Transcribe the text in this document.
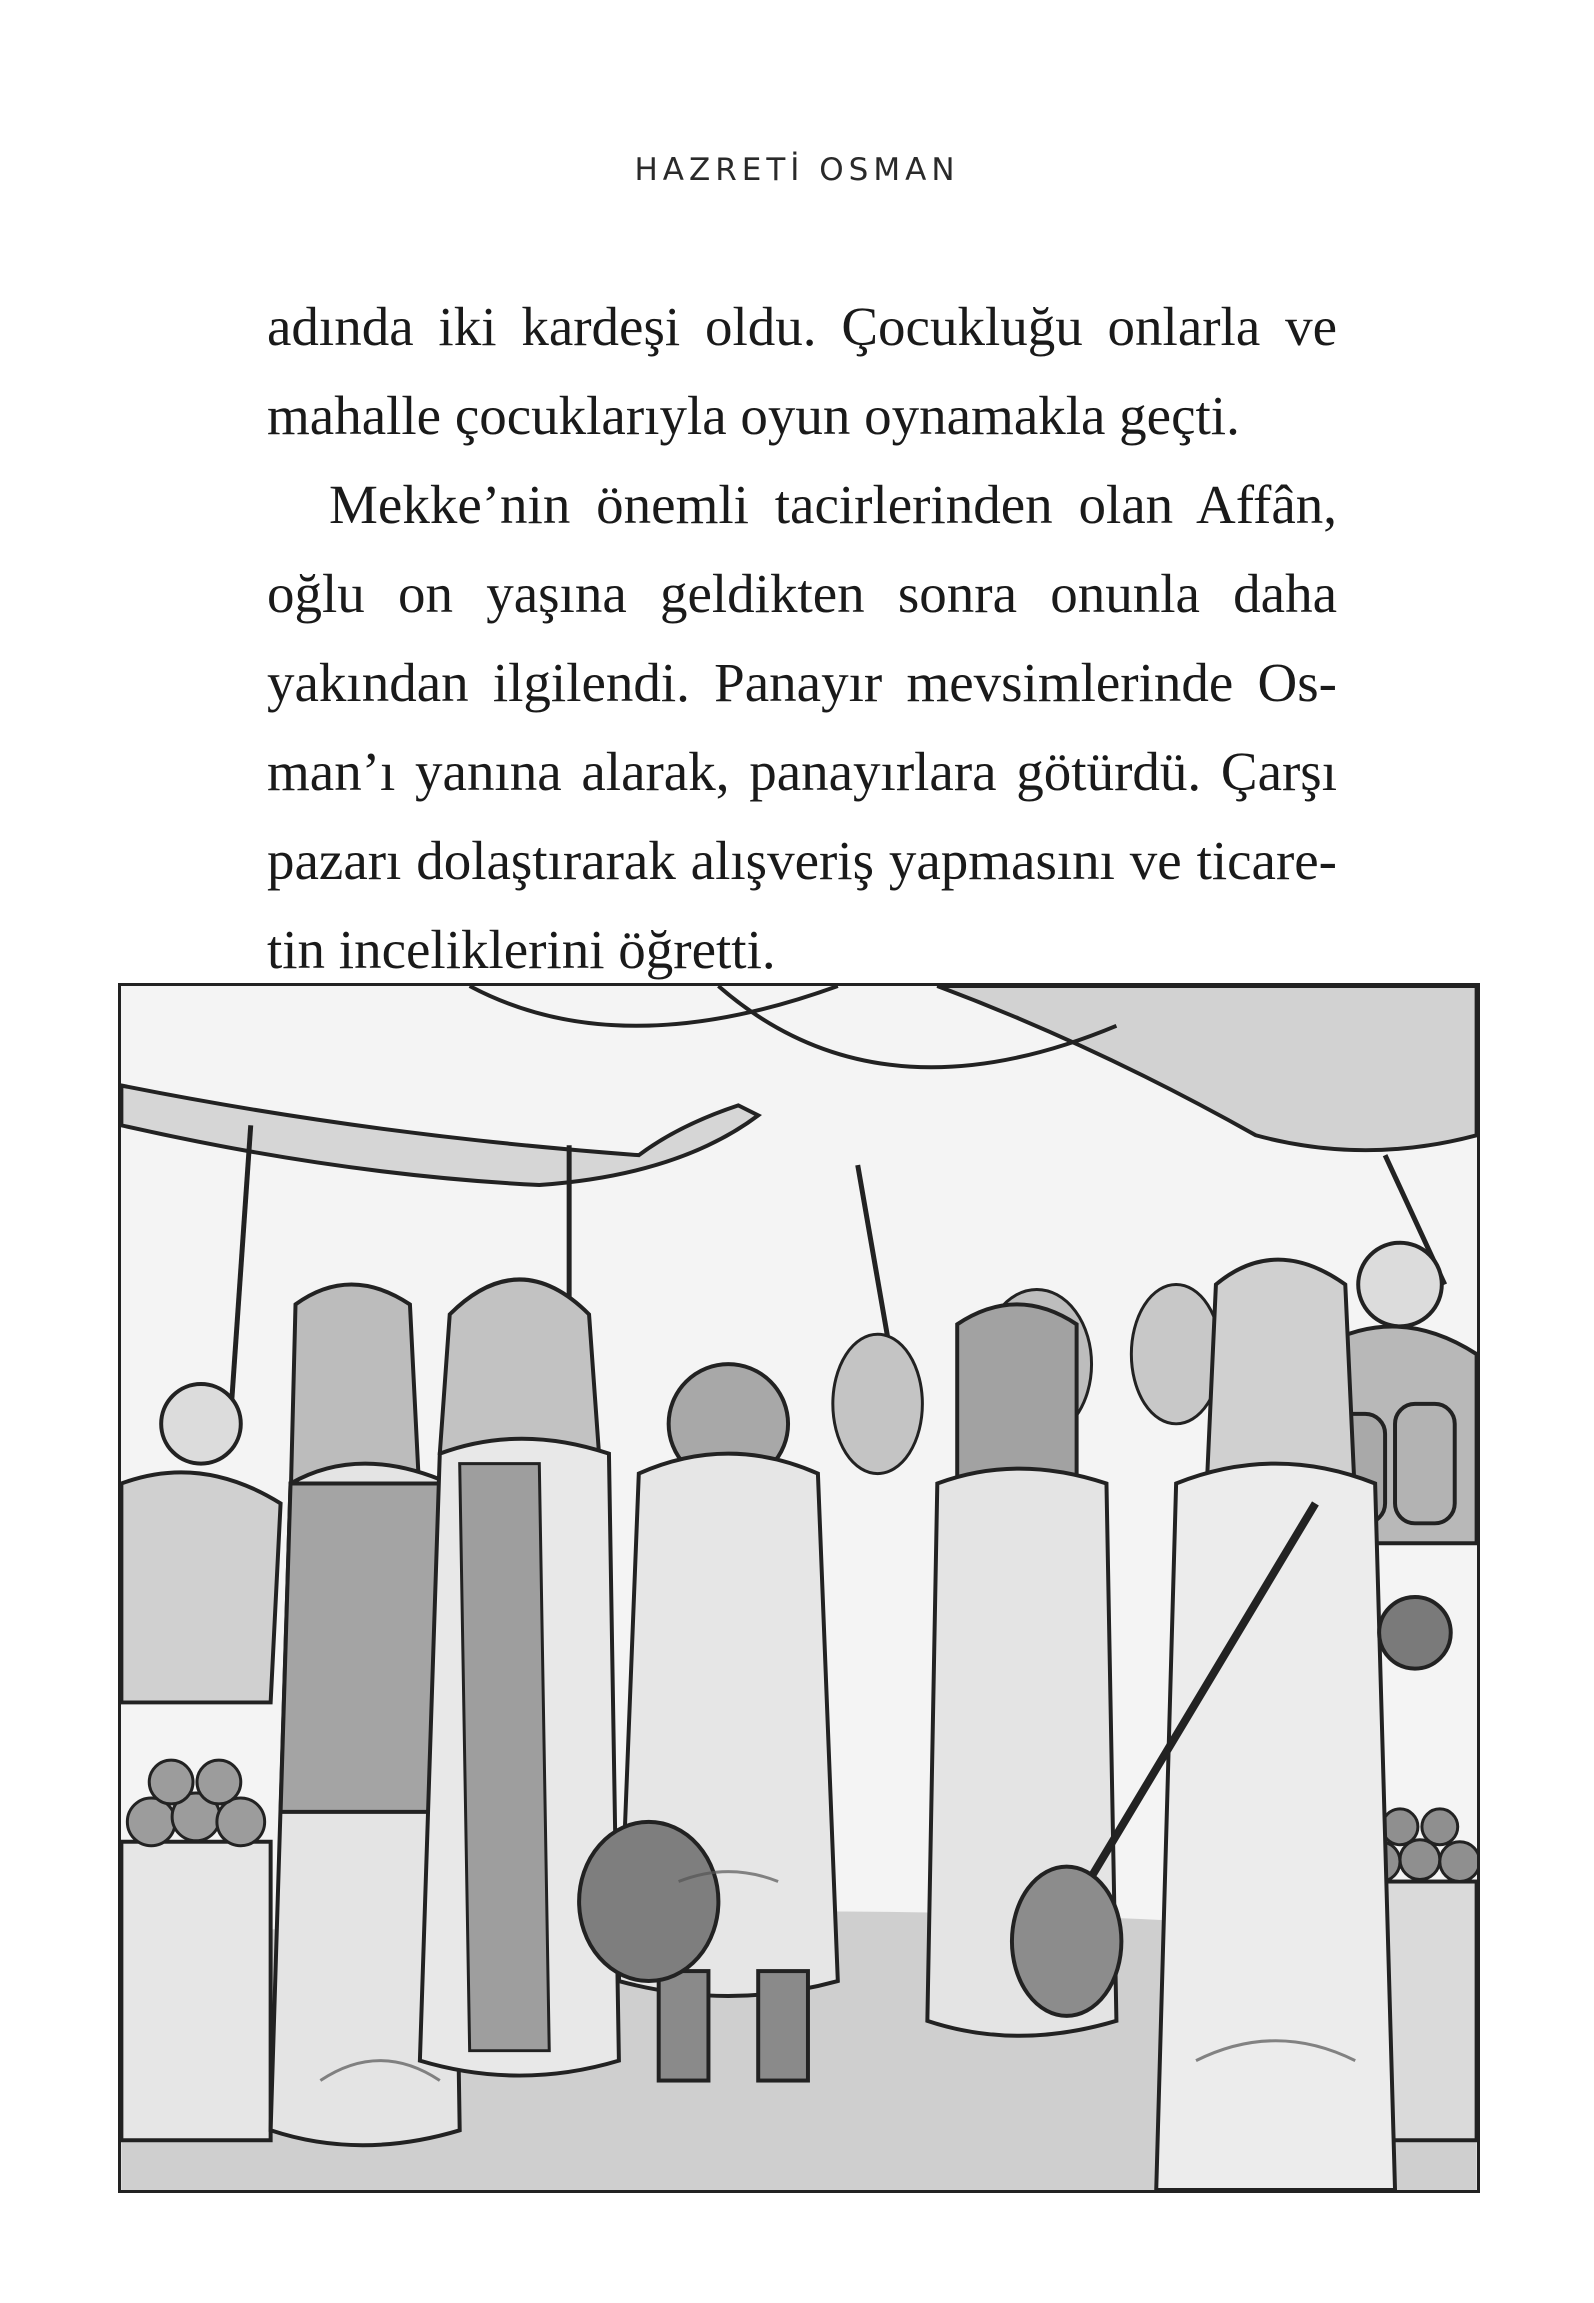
HAZRETİ OSMAN
adında iki kardeşi oldu. Çocukluğu onlarla ve
mahalle çocuklarıyla oyun oynamakla geçti.
Mekke’nin önemli tacirlerinden olan Affân,
oğlu on yaşına geldikten sonra onunla daha
yakından ilgilendi. Panayır mevsimlerinde Os-
man’ı yanına alarak, panayırlara götürdü. Çarşı
pazarı dolaştırarak alışveriş yapmasını ve ticare-
tin inceliklerini öğretti.
